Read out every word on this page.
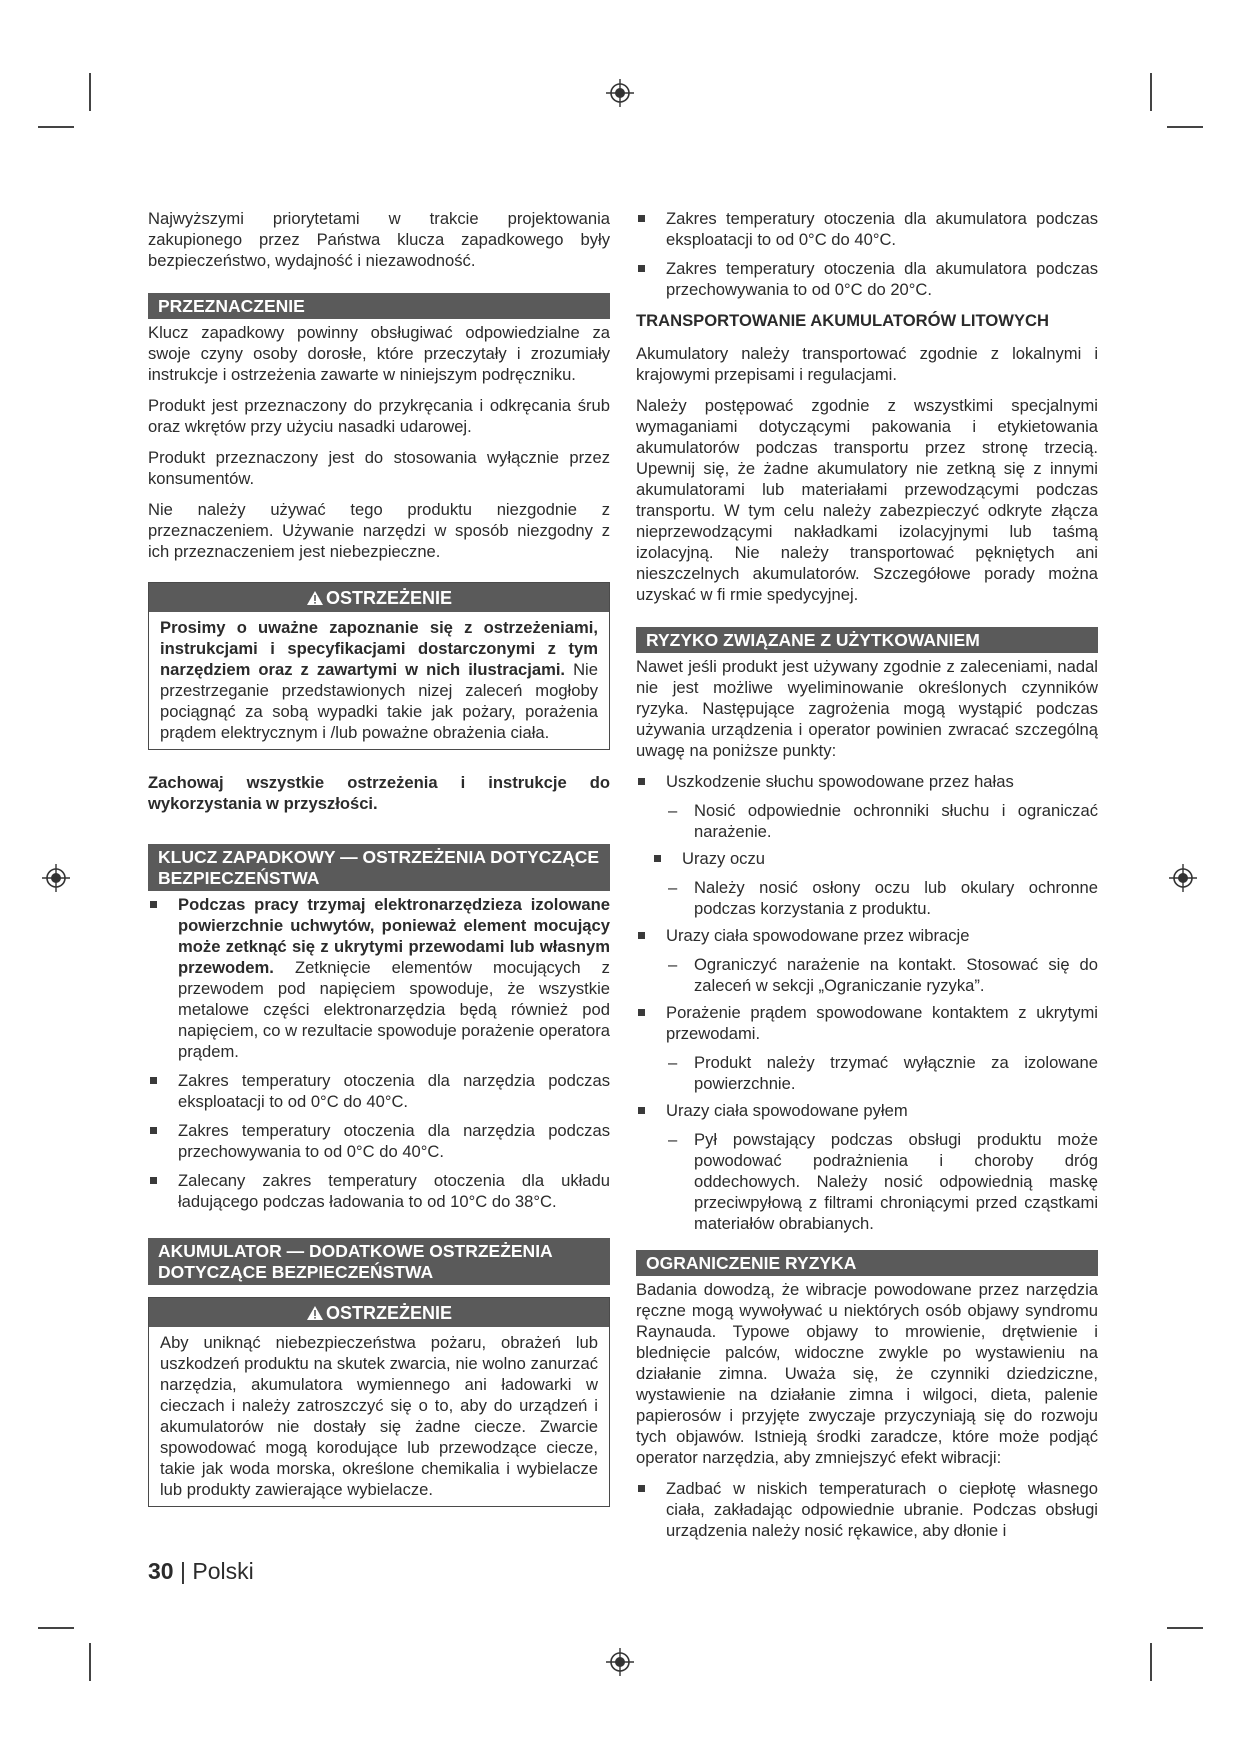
Najwyższymi priorytetami w trakcie projektowania zakupionego przez Państwa klucza zapadkowego były bezpieczeństwo, wydajność i niezawodność.

PRZEZNACZENIE

Klucz zapadkowy powinny obsługiwać odpowiedzialne za swoje czyny osoby dorosłe, które przeczytały i zrozumiały instrukcje i ostrzeżenia zawarte w niniejszym podręczniku.

Produkt jest przeznaczony do przykręcania i odkręcania śrub oraz wkrętów przy użyciu nasadki udarowej.

Produkt przeznaczony jest do stosowania wyłącznie przez konsumentów.

Nie należy używać tego produktu niezgodnie z przeznaczeniem. Używanie narzędzi w sposób niezgodny z ich przeznaczeniem jest niebezpieczne.

OSTRZEŻENIE

Prosimy o uważne zapoznanie się z ostrzeżeniami, instrukcjami i specyfikacjami dostarczonymi z tym narzędziem oraz z zawartymi w nich ilustracjami. Nie przestrzeganie przedstawionych nizej zaleceń mogłoby pociągnąć za sobą wypadki takie jak pożary, porażenia prądem elektrycznym i /lub poważne obrażenia ciała.

Zachowaj wszystkie ostrzeżenia i instrukcje do wykorzystania w przyszłości.

KLUCZ ZAPADKOWY — OSTRZEŻENIA DOTYCZĄCE BEZPIECZEŃSTWA
Podczas pracy trzymaj elektronarzędzieza izolowane powierzchnie uchwytów, ponieważ element mocujący może zetknąć się z ukrytymi przewodami lub własnym przewodem. Zetknięcie elementów mocujących z przewodem pod napięciem spowoduje, że wszystkie metalowe części elektronarzędzia będą również pod napięciem, co w rezultacie spowoduje porażenie operatora prądem.
Zakres temperatury otoczenia dla narzędzia podczas eksploatacji to od 0°C do 40°C.
Zakres temperatury otoczenia dla narzędzia podczas przechowywania to od 0°C do 40°C.
Zalecany zakres temperatury otoczenia dla układu ładującego podczas ładowania to od 10°C do 38°C.
AKUMULATOR — DODATKOWE OSTRZEŻENIA DOTYCZĄCE BEZPIECZEŃSTWA
OSTRZEŻENIE

Aby uniknąć niebezpieczeństwa pożaru, obrażeń lub uszkodzeń produktu na skutek zwarcia, nie wolno zanurzać narzędzia, akumulatora wymiennego ani ładowarki w cieczach i należy zatroszczyć się o to, aby do urządzeń i akumulatorów nie dostały się żadne ciecze. Zwarcie spowodować mogą korodujące lub przewodzące ciecze, takie jak woda morska, określone chemikalia i wybielacze lub produkty zawierające wybielacze.

Zakres temperatury otoczenia dla akumulatora podczas eksploatacji to od 0°C do 40°C.
Zakres temperatury otoczenia dla akumulatora podczas przechowywania to od 0°C do 20°C.
TRANSPORTOWANIE AKUMULATORÓW LITOWYCH

Akumulatory należy transportować zgodnie z lokalnymi i krajowymi przepisami i regulacjami.

Należy postępować zgodnie z wszystkimi specjalnymi wymaganiami dotyczącymi pakowania i etykietowania akumulatorów podczas transportu przez stronę trzecią. Upewnij się, że żadne akumulatory nie zetkną się z innymi akumulatorami lub materiałami przewodzącymi podczas transportu. W tym celu należy zabezpieczyć odkryte złącza nieprzewodzącymi nakładkami izolacyjnymi lub taśmą izolacyjną. Nie należy transportować pękniętych ani nieszczelnych akumulatorów. Szczegółowe porady można uzyskać w fi rmie spedycyjnej.

RYZYKO ZWIĄZANE Z UŻYTKOWANIEM

Nawet jeśli produkt jest używany zgodnie z zaleceniami, nadal nie jest możliwe wyeliminowanie określonych czynników ryzyka. Następujące zagrożenia mogą wystąpić podczas używania urządzenia i operator powinien zwracać szczególną uwagę na poniższe punkty:

Uszkodzenie słuchu spowodowane przez hałas
– Nosić odpowiednie ochronniki słuchu i ograniczać narażenie.
Urazy oczu
– Należy nosić osłony oczu lub okulary ochronne podczas korzystania z produktu.
Urazy ciała spowodowane przez wibracje
– Ograniczyć narażenie na kontakt. Stosować się do zaleceń w sekcji „Ograniczanie ryzyka”.
Porażenie prądem spowodowane kontaktem z ukrytymi przewodami.
– Produkt należy trzymać wyłącznie za izolowane powierzchnie.
Urazy ciała spowodowane pyłem
– Pył powstający podczas obsługi produktu może powodować podrażnienia i choroby dróg oddechowych. Należy nosić odpowiednią maskę przeciwpyłową z filtrami chroniącymi przed cząstkami materiałów obrabianych.
OGRANICZENIE RYZYKA

Badania dowodzą, że wibracje powodowane przez narzędzia ręczne mogą wywoływać u niektórych osób objawy syndromu Raynauda. Typowe objawy to mrowienie, drętwienie i blednięcie palców, widoczne zwykle po wystawieniu na działanie zimna. Uważa się, że czynniki dziedziczne, wystawienie na działanie zimna i wilgoci, dieta, palenie papierosów i przyjęte zwyczaje przyczyniają się do rozwoju tych objawów. Istnieją środki zaradcze, które może podjąć operator narzędzia, aby zmniejszyć efekt wibracji:

Zadbać w niskich temperaturach o ciepłotę własnego ciała, zakładając odpowiednie ubranie. Podczas obsługi urządzenia należy nosić rękawice, aby dłonie i
30 | Polski
